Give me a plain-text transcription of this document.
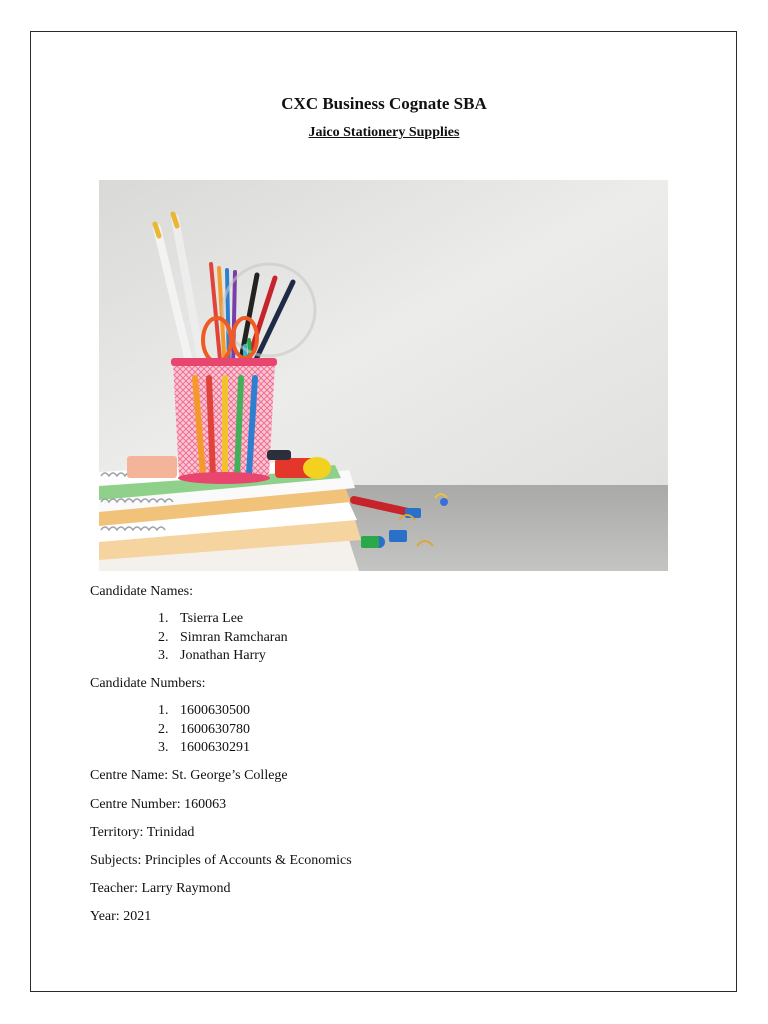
CXC Business Cognate SBA
Jaico Stationery Supplies
Candidate Names:
1. Tsierra Lee
2. Simran Ramcharan
3. Jonathan Harry
Candidate Numbers:
1. 1600630500
2. 1600630780
3. 1600630291
Centre Name: St. George’s College
Centre Number: 160063
Territory: Trinidad
Subjects: Principles of Accounts & Economics
Teacher: Larry Raymond
Year: 2021
